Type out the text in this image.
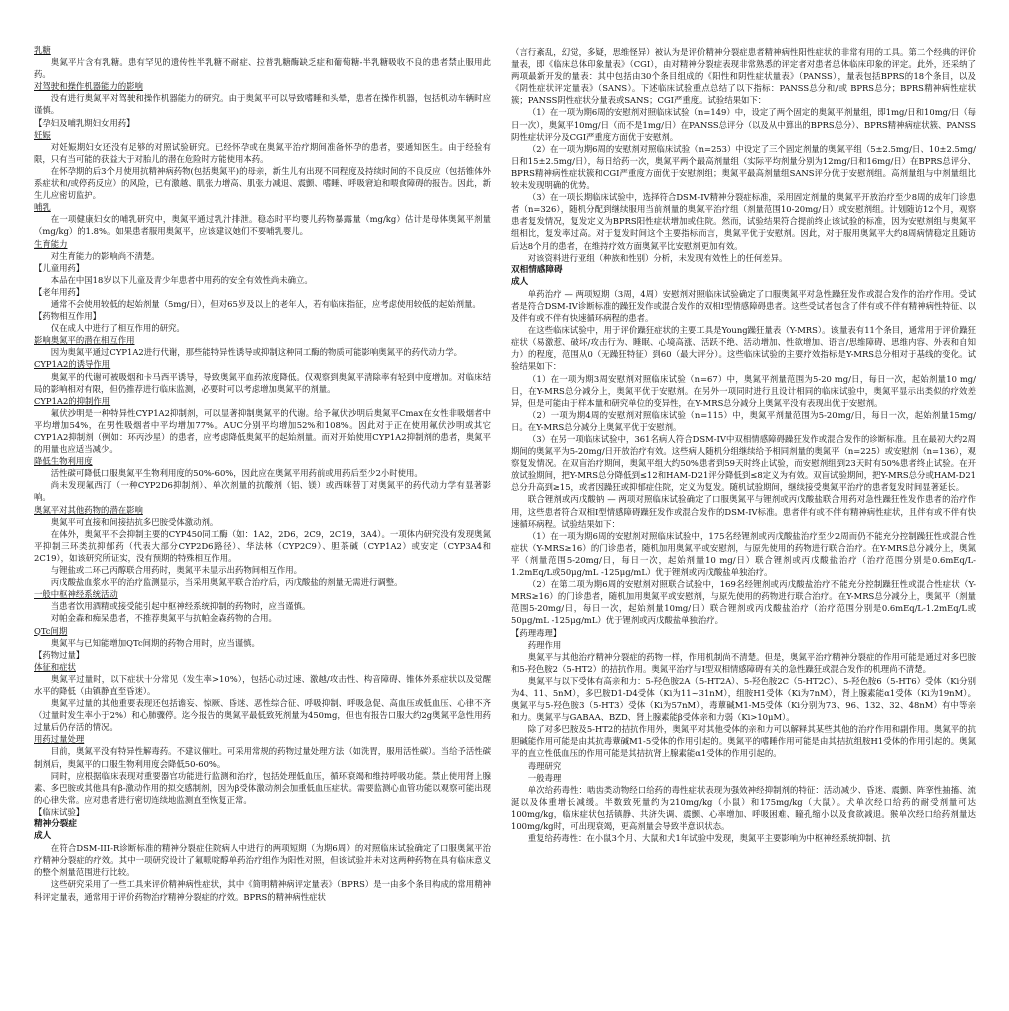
乳糖

奥氮平片含有乳糖。患有罕见的遗传性半乳糖不耐症、拉普乳糖酶缺乏症和葡萄糖-半乳糖吸收不良的患者禁止服用此药。

对驾驶和操作机器能力的影响

没有进行奥氮平对驾驶和操作机器能力的研究。由于奥氮平可以导致嗜睡和头晕，患者在操作机器，包括机动车辆时应谨慎。

【孕妇及哺乳期妇女用药】

妊娠

对妊娠期妇女还没有足够的对照试验研究。已经怀孕或在奥氮平治疗期间准备怀孕的患者，要通知医生。由于经验有限，只有当可能的获益大于对胎儿的潜在危险时方能使用本药。

在怀孕期的后3个月使用抗精神病药物(包括奥氮平)的母亲，新生儿有出现不同程度及持续时间的不良反应（包括锥体外系症状和/或停药反应）的风险，已有激越、肌张力增高、肌张力减退、震颤、嗜睡、呼吸窘迫和喂食障碍的报告。因此，新生儿应密切监护。

哺乳

在一项健康妇女的哺乳研究中，奥氮平通过乳汁排泄。稳态时平均婴儿药物暴露量（mg/kg）估计是母体奥氮平剂量（mg/kg）的1.8%。如果患者服用奥氮平，应该建议她们不要哺乳婴儿。

生育能力

对生育能力的影响尚不清楚。

【儿童用药】

本品在中国18岁以下儿童及青少年患者中用药的安全有效性尚未确立。

【老年用药】

通常不会使用较低的起始剂量（5mg/日），但对65岁及以上的老年人，若有临床指征，应考虑使用较低的起始剂量。

【药物相互作用】

仅在成人中进行了相互作用的研究。

影响奥氮平的潜在相互作用

因为奥氮平通过CYP1A2进行代谢，那些能特异性诱导或抑制这种同工酶的物质可能影响奥氮平的药代动力学。

CYP1A2的诱导作用

奥氮平的代谢可被吸烟和卡马西平诱导，导致奥氮平血药浓度降低。仅观察到奥氮平清除率有轻到中度增加。对临床结局的影响相对有限，但仍推荐进行临床监测，必要时可以考虑增加奥氮平的剂量。

CYP1A2的抑制作用

氟伏沙明是一种特异性CYP1A2抑制剂，可以显著抑制奥氮平的代谢。给予氟伏沙明后奥氮平Cmax在女性非吸烟者中平均增加54%，在男性吸烟者中平均增加77%。AUC分别平均增加52%和108%。因此对于正在使用氟伏沙明或其它CYP1A2抑制剂（例如：环丙沙星）的患者，应考虑降低奥氮平的起始剂量。而对开始使用CYP1A2抑制剂的患者，奥氮平的用量也应适当减少。

降低生物利用度

活性碳可降低口服奥氮平生物利用度的50%-60%，因此应在奥氮平用药前或用药后至少2小时使用。

尚未发现氟西汀（一种CYP2D6抑制剂）、单次剂量的抗酸剂（铝、镁）或西咪替丁对奥氮平的药代动力学有显著影响。

奥氮平对其他药物的潜在影响

奥氮平可直接和间接拮抗多巴胺受体激动剂。

在体外，奥氮平不会抑制主要的CYP450同工酶（如：1A2，2D6，2C9，2C19，3A4）。一项体内研究没有发现奥氮平抑制三环类抗抑郁药（代表大部分CYP2D6路径）、华法林（CYP2C9）、胆茶碱（CYP1A2）或安定（CYP3A4和2C19），如该研究所证实，没有预期的特殊相互作用。

与锂盐或二环己丙醇联合用药时，奥氮平未显示出药物间相互作用。

丙戊酸盐血浆水平的治疗监测显示，当采用奥氮平联合治疗后，丙戊酸盐的剂量无需进行调整。

一般中枢神经系统活动

当患者饮用酒精或接受能引起中枢神经系统抑制的药物时，应当谨慎。

对帕金森和痴呆患者，不推荐奥氮平与抗帕金森药物的合用。

QTc间期

奥氮平与已知能增加QTc间期的药物合用时，应当谨慎。

【药物过量】

体征和症状

奥氮平过量时，以下症状十分常见（发生率>10%），包括心动过速、激越/攻击性、构音障碍、锥体外系症状以及觉醒水平的降低（由镇静直至昏迷）。

奥氮平过量的其他重要表现还包括谵妄、惊厥、昏迷、恶性综合征、呼吸抑制、呼吸急促、高血压或低血压、心律不齐（过量时发生率小于2%）和心肺骤停。迄今报告的奥氮平最低致死剂量为450mg，但也有报告口服大约2g奥氮平急性用药过量后仍存活的情况。

用药过量处理

目前，奥氮平没有特异性解毒药。不建议催吐。可采用常规的药物过量处理方法（如洗胃，服用活性碳）。当给予活性碳制剂后，奥氮平的口服生物利用度会降低50-60%。

同时，应根据临床表现对重要器官功能进行监测和治疗，包括处理低血压，循环衰竭和维持呼吸功能。禁止使用肾上腺素、多巴胺或其他具有β-激动作用的拟交感制剂，因为β受体激动剂会加重低血压症状。需要监测心血管功能以观察可能出现的心律失常。应对患者进行密切连续地监测直至恢复正常。

【临床试验】

精神分裂症

成人

在符合DSM-III-R诊断标准的精神分裂症住院病人中进行的两项短期（为期6周）的对照临床试验确定了口服奥氮平治疗精神分裂症的疗效。其中一项研究设计了氟哌啶醇单药治疗组作为阳性对照，但该试验并未对这两种药物在具有临床意义的整个剂量范围进行比较。

这些研究采用了一些工具来评价精神病性症状，其中《简明精神病评定量表》（BPRS）是一由多个条目构成的常用精神科评定量表，通常用于评价药物治疗精神分裂症的疗效。BPRS的精神病性症状

（言行紊乱，幻觉，多疑，思维怪异）被认为是评价精神分裂症患者精神病性阳性症状的非常有用的工具。第二个经典的评价量表，即《临床总体印象量表》（CGI），由对精神分裂症表现非常熟悉的评定者对患者总体临床印象的评定。此外，还采纳了两项最新开发的量表：其中包括由30个条目组成的《阳性和阴性症状量表》（PANSS），量表包括BPRS的18个条目，以及《阴性症状评定量表》（SANS）。下述临床试验重点总结了以下指标：PANSS总分和/或 BPRS总分；BPRS精神病性症状簇；PANSS阴性症状分量表或SANS；CGI严重度。试验结果如下：

（1）在一项为期6周的安慰剂对照临床试验（n=149）中，设定了两个固定的奥氮平剂量组，即1mg/日和10mg/日（每日一次），奥氮平10mg/日（而不是1mg/日）在PANSS总评分（以及从中算出的BPRS总分）、BPRS精神病症状簇、PANSS阴性症状评分及CGI严重度方面优于安慰剂。

（2）在一项为期6周的安慰剂对照临床试验（n=253）中设定了三个固定剂量的奥氮平组（5±2.5mg/日、10±2.5mg/日和15±2.5mg/日），每日给药一次，奥氮平两个最高剂量组（实际平均剂量分别为12mg/日和16mg/日）在BPRS总评分、BPRS精神病性症状簇和CGI严重度方面优于安慰剂组；奥氮平最高剂量组SANS评分优于安慰剂组。高剂量组与中剂量组比较未发现明确的优势。

（3）在一项长期临床试验中，选择符合DSM-IV精神分裂症标准，采用固定剂量的奥氮平开放治疗至少8周的成年门诊患者（n=326），随机分配到继续服用当前剂量的奥氮平治疗组（剂量范围10-20mg/日）或安慰剂组。计划随访12个月，观察患者复发情况，复发定义为BPRS阳性症状增加或住院。然而，试验结果符合提前终止该试验的标准，因为安慰剂组与奥氮平组相比，复发率过高。对于复发时间这个主要指标而言，奥氮平优于安慰剂。因此，对于服用奥氮平大约8周病情稳定且随访后达8个月的患者，在维持疗效方面奥氮平比安慰剂更加有效。

对该资料进行亚组（种族和性别）分析，未发现有效性上的任何差异。

双相情感障碍

成人

单药治疗 — 两项短期（3周，4周）安慰剂对照临床试验确定了口服奥氮平对急性躁狂发作或混合发作的治疗作用。受试者是符合DSM-IV诊断标准的躁狂发作或混合发作的双相I型情感障碍患者。这些受试者包含了伴有或不伴有精神病性特征、以及伴有或不伴有快速循环病程的患者。

在这些临床试验中，用于评价躁狂症状的主要工具是Young躁狂量表（Y-MRS）。该量表有11个条目，通常用于评价躁狂症状（易激惹、破坏/攻击行为、睡眠、心境高涨、活跃不绝、活动增加、性欲增加、语言/思维障碍、思维内容、外表和自知力）的程度，范围从0（无躁狂特征）到60（最大评分）。这些临床试验的主要疗效指标是Y-MRS总分相对于基线的变化。试验结果如下：

（1）在一项为期3周安慰剂对照临床试验（n=67）中，奥氮平剂量范围为5-20 mg/日，每日一次，起始剂量10 mg/日，在Y-MRS总分减分上，奥氮平优于安慰剂。在另外一项同时进行且设计相同的临床试验中，奥氮平显示出类似的疗效差异，但是可能由于样本量和研究单位的变异性，在Y-MRS总分减分上奥氮平没有表现出优于安慰剂。

（2）一项为期4周的安慰剂对照临床试验（n=115）中，奥氮平剂量范围为5-20mg/日，每日一次，起始剂量15mg/日。在Y-MRS总分减分上奥氮平优于安慰剂。

（3）在另一项临床试验中，361名病人符合DSM-IV中双相情感障碍躁狂发作或混合发作的诊断标准。且在最初大约2周期间的奥氮平为5-20mg/日开放治疗有效。这些病人随机分组继续给予相同剂量的奥氮平（n=225）或安慰剂（n=136），观察复发情况。在双盲治疗期间，奥氮平组大约50%患者到59天时终止试验，而安慰剂组到23天时有50%患者终止试验。在开放试验期间，把Y-MRS总分降低到≤12和HAM-D21评分降低到≤8定义为有效。双盲试验期间，把Y-MRS总分或HAM-D21总分升高到≥15，或者因躁狂或抑郁症住院，定义为复发。随机试验期间，继续接受奥氮平治疗的患者复发时间显著延长。

联合锂剂或丙戊酸钠 — 两项对照临床试验确定了口服奥氮平与锂剂或丙戊酸盐联合用药对急性躁狂性发作患者的治疗作用，这些患者符合双相I型情感障碍躁狂发作或混合发作的DSM-IV标准。患者伴有或不伴有精神病性症状，且伴有或不伴有快速循环病程。试验结果如下：

（1）在一项为期6周的安慰剂对照临床试验中，175名经锂剂或丙戊酸盐治疗至少2周而仍不能充分控制躁狂性或混合性症状（Y-MRS≥16）的门诊患者，随机加用奥氮平或安慰剂，与原先使用的药物进行联合治疗。在Y-MRS总分减分上，奥氮平（剂量范围5-20mg/日，每日一次，起始剂量10 mg/日）联合锂剂或丙戊酸盐治疗（治疗范围分别是0.6mEq/L-1.2mEq/L或50μg/mL -125μg/mL）优于锂剂或丙戊酸盐单独治疗。

（2）在第二项为期6周的安慰剂对照联合试验中，169名经锂剂或丙戊酸盐治疗不能充分控制躁狂性或混合性症状（Y-MRS≥16）的门诊患者，随机加用奥氮平或安慰剂，与原先使用的药物进行联合治疗。在Y-MRS总分减分上，奥氮平（剂量范围5-20mg/日，每日一次，起始剂量10mg/日）联合锂剂或丙戊酸盐治疗（治疗范围分别是0.6mEq/L-1.2mEq/L或50μg/mL -125μg/mL）优于锂剂或丙戊酸盐单独治疗。

【药理毒理】

药理作用

奥氮平与其他治疗精神分裂症的药物一样，作用机制尚不清楚。但是，奥氮平治疗精神分裂症的作用可能是通过对多巴胺和5-羟色胺2（5-HT2）的拮抗作用。奥氮平治疗与I型双相情感障碍有关的急性躁狂或混合发作的机理尚不清楚。

奥氮平与以下受体有高亲和力：5-羟色胺2A（5-HT2A）、5-羟色胺2C（5-HT2C）、5-羟色胺6（5-HT6）受体（Ki分别为4、11、5nM），多巴胺D1-D4受体（Ki为11~31nM），组胺H1受体（Ki为7nM），肾上腺素能α1受体（Ki为19nM）。奥氮平与5-羟色胺3（5-HT3）受体（Ki为57nM），毒蕈碱M1-M5受体（Ki分别为73、96、132、32、48nM）有中等亲和力。奥氮平与GABAA、BZD、肾上腺素能β受体亲和力弱（Ki>10μM）。

除了对多巴胺及5-HT2的拮抗作用外，奥氮平对其他受体的亲和力可以解释其某些其他的治疗作用和副作用。奥氮平的抗胆碱能作用可能是由其抗毒蕈碱M1-5受体的作用引起的。奥氮平的嗜睡作用可能是由其拮抗组胺H1受体的作用引起的。奥氮平的直立性低血压的作用可能是其拮抗肾上腺素能α1受体的作用引起的。

毒理研究

一般毒理

单次给药毒性：啮齿类动物经口给药的毒性症状表现为强效神经抑制剂的特征：活动减少、昏迷、震颤、阵挛性抽搐、流涎以及体重增长减缓。半数致死量约为210mg/kg（小鼠）和175mg/kg（大鼠）。犬单次经口给药的耐受剂量可达100mg/kg，临床症状包括镇静、共济失调、震颤、心率增加、呼吸困难、瞳孔缩小以及食欲减退。猴单次经口给药剂量达100mg/kg时，可出现衰竭，更高剂量会导致半意识状态。

重复给药毒性：在小鼠3个月、大鼠和犬1年试验中发现，奥氮平主要影响为中枢神经系统抑制、抗
